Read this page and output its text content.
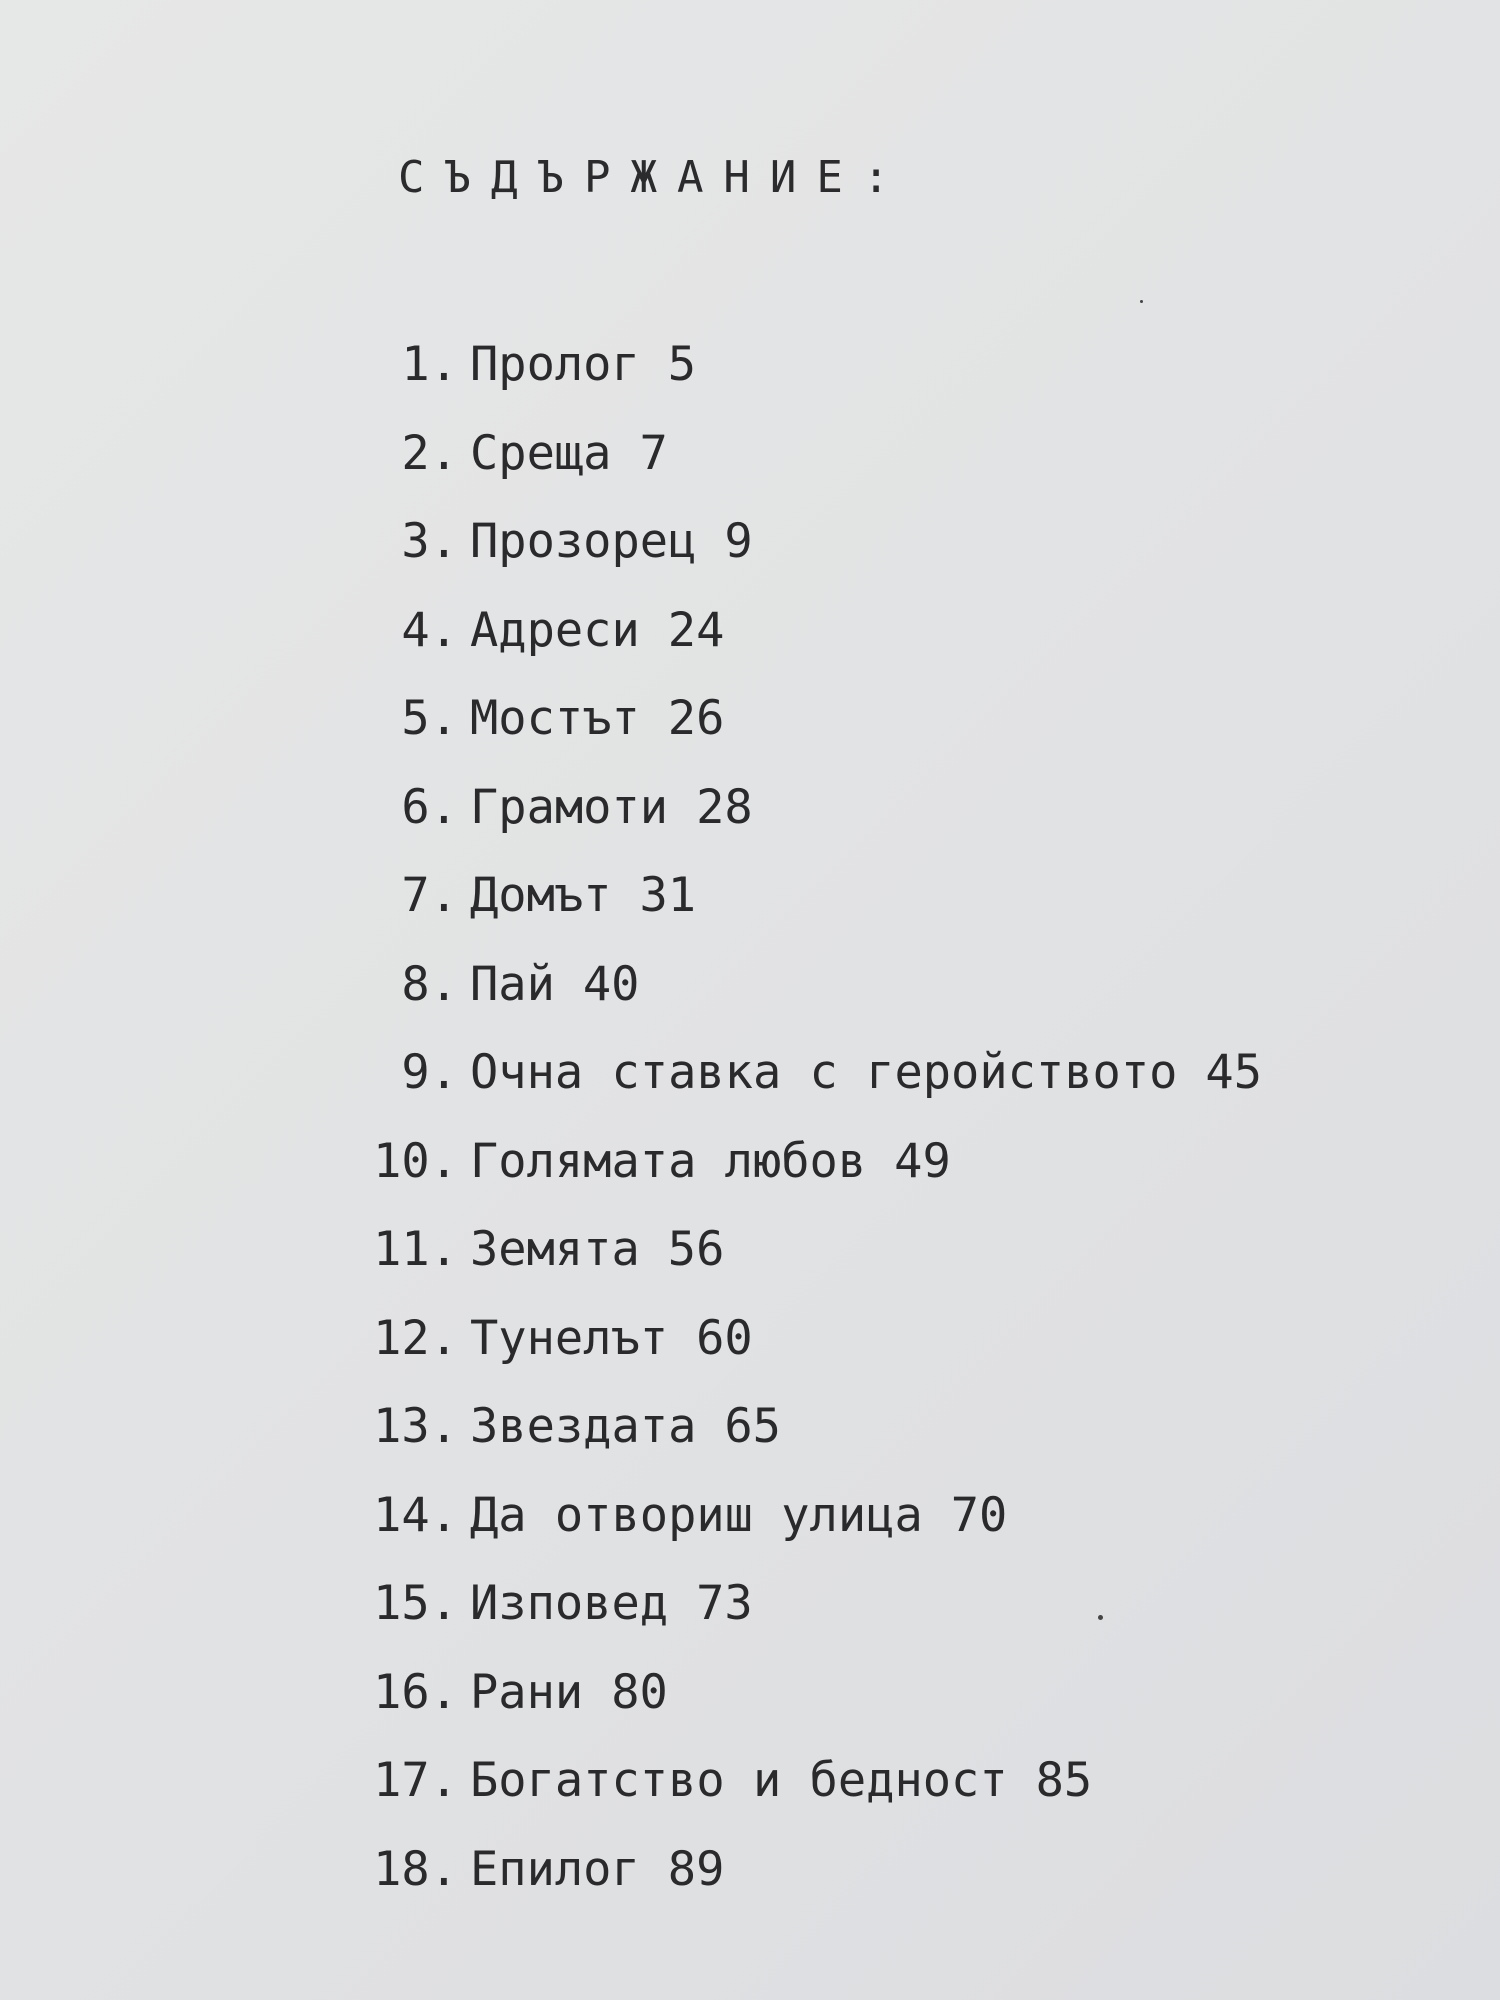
СЪДЪРЖАНИЕ:
1. Пролог 5
2. Среща 7
3. Прозорец 9
4. Адреси 24
5. Мостът 26
6. Грамоти 28
7. Домът 31
8. Пай 40
9. Очна ставка с геройството 45
10. Голямата любов 49
11. Земята 56
12. Тунелът 60
13. Звездата 65
14. Да отвориш улица 70
15. Изповед 73
16. Рани 80
17. Богатство и бедност 85
18. Епилог 89
